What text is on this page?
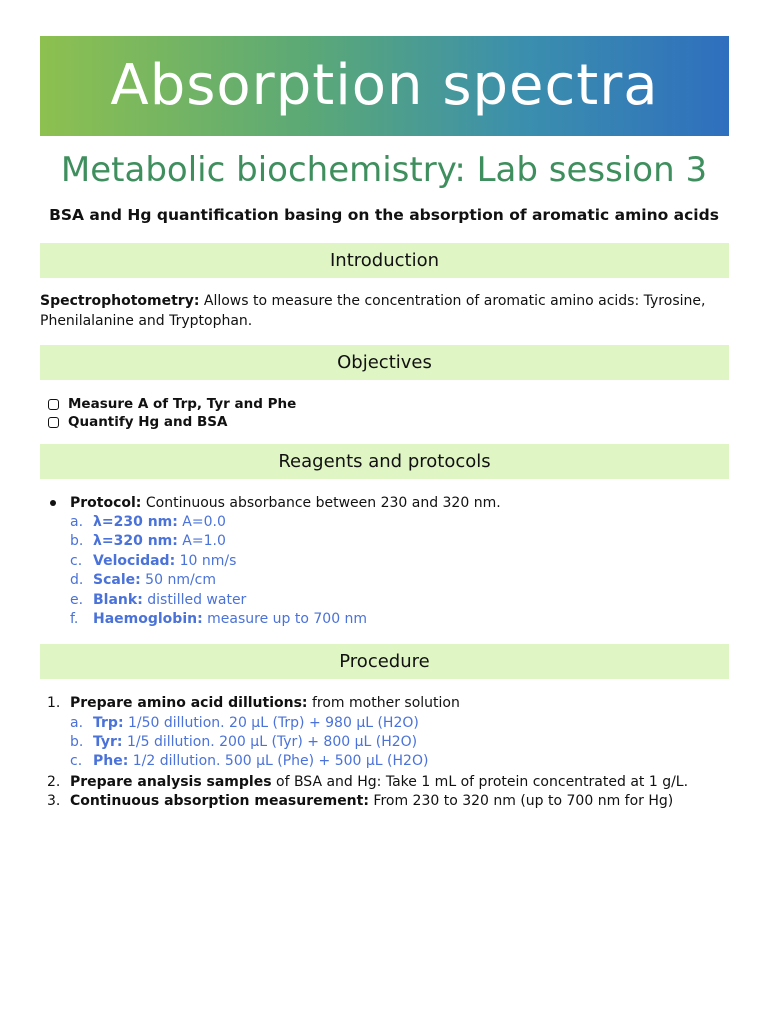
Absorption spectra
Metabolic biochemistry: Lab session 3
BSA and Hg quantification basing on the absorption of aromatic amino acids
Introduction
Spectrophotometry: Allows to measure the concentration of aromatic amino acids: Tyrosine, Phenilalanine and Tryptophan.
Objectives
Measure A of Trp, Tyr and Phe
Quantify Hg and BSA
Reagents and protocols
Protocol: Continuous absorbance between 230 and 320 nm.
a. λ=230 nm: A=0.0
b. λ=320 nm: A=1.0
c. Velocidad: 10 nm/s
d. Scale: 50 nm/cm
e. Blank: distilled water
f. Haemoglobin: measure up to 700 nm
Procedure
1. Prepare amino acid dillutions: from mother solution
a. Trp: 1/50 dillution. 20 μL (Trp) + 980 μL (H2O)
b. Tyr: 1/5 dillution. 200 μL (Tyr) + 800 μL (H2O)
c. Phe: 1/2 dillution. 500 μL (Phe) + 500 μL (H2O)
2. Prepare analysis samples of BSA and Hg: Take 1 mL of protein concentrated at 1 g/L.
3. Continuous absorption measurement: From 230 to 320 nm (up to 700 nm for Hg)
